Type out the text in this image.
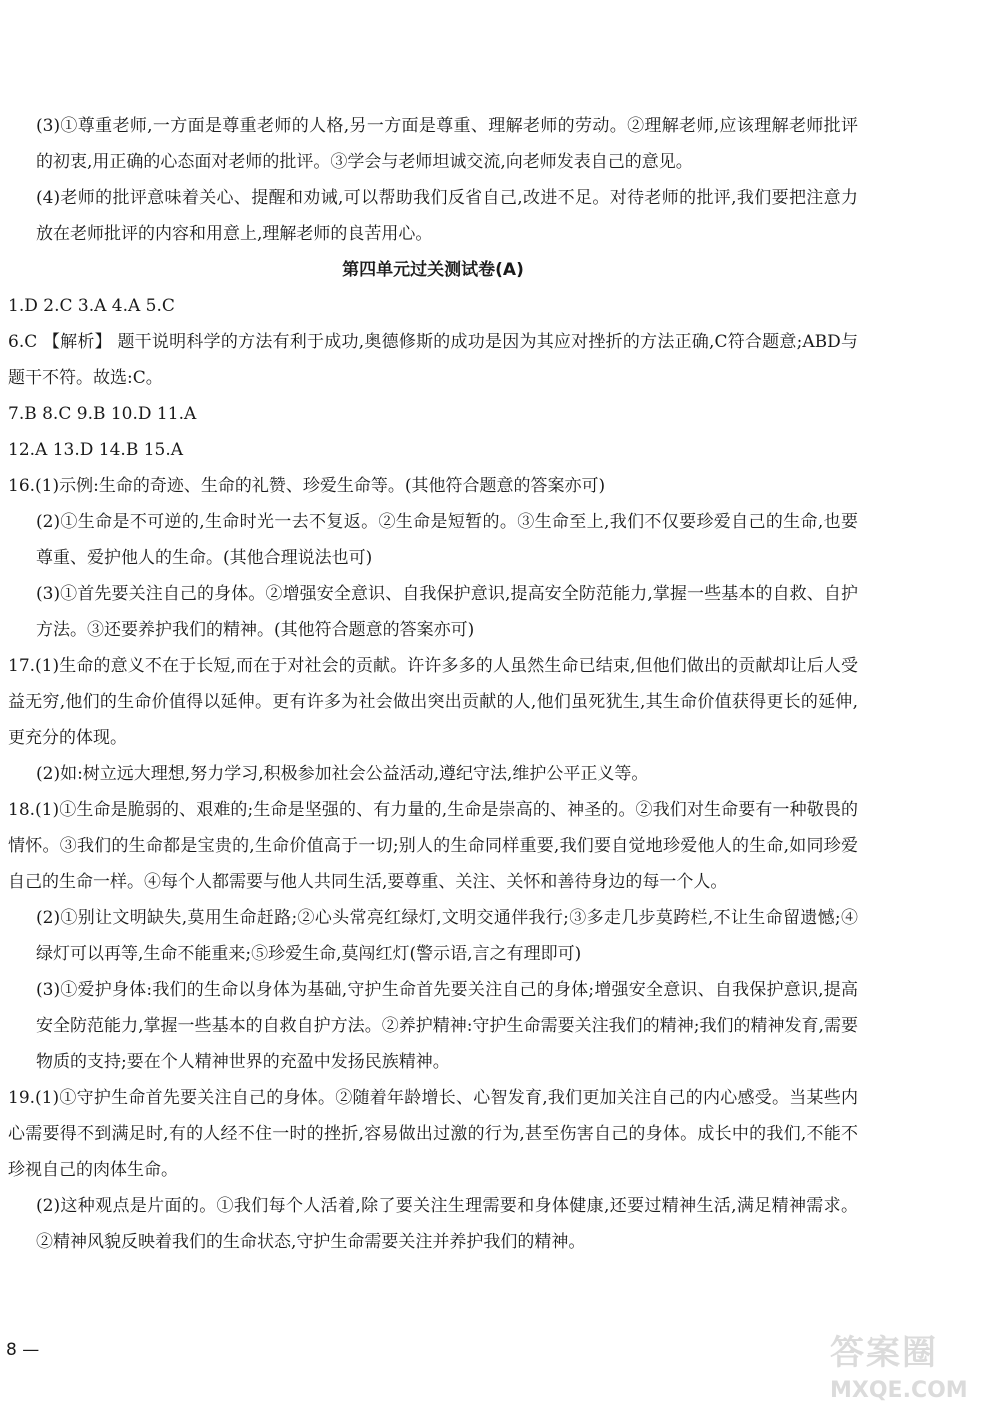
(3)①尊重老师,一方面是尊重老师的人格,另一方面是尊重、理解老师的劳动。②理解老师,应该理解老师批评的初衷,用正确的心态面对老师的批评。③学会与老师坦诚交流,向老师发表自己的意见。

(4)老师的批评意味着关心、提醒和劝诫,可以帮助我们反省自己,改进不足。对待老师的批评,我们要把注意力放在老师批评的内容和用意上,理解老师的良苦用心。

第四单元过关测试卷(A)

1.D 2.C 3.A 4.A 5.C

6.C 【解析】 题干说明科学的方法有利于成功,奥德修斯的成功是因为其应对挫折的方法正确,C符合题意;ABD与题干不符。故选:C。

7.B 8.C 9.B 10.D 11.A

12.A 13.D 14.B 15.A

16.(1)示例:生命的奇迹、生命的礼赞、珍爱生命等。(其他符合题意的答案亦可)

(2)①生命是不可逆的,生命时光一去不复返。②生命是短暂的。③生命至上,我们不仅要珍爱自己的生命,也要尊重、爱护他人的生命。(其他合理说法也可)

(3)①首先要关注自己的身体。②增强安全意识、自我保护意识,提高安全防范能力,掌握一些基本的自救、自护方法。③还要养护我们的精神。(其他符合题意的答案亦可)

17.(1)生命的意义不在于长短,而在于对社会的贡献。许许多多的人虽然生命已结束,但他们做出的贡献却让后人受益无穷,他们的生命价值得以延伸。更有许多为社会做出突出贡献的人,他们虽死犹生,其生命价值获得更长的延伸,更充分的体现。

(2)如:树立远大理想,努力学习,积极参加社会公益活动,遵纪守法,维护公平正义等。

18.(1)①生命是脆弱的、艰难的;生命是坚强的、有力量的,生命是崇高的、神圣的。②我们对生命要有一种敬畏的情怀。③我们的生命都是宝贵的,生命价值高于一切;别人的生命同样重要,我们要自觉地珍爱他人的生命,如同珍爱自己的生命一样。④每个人都需要与他人共同生活,要尊重、关注、关怀和善待身边的每一个人。

(2)①别让文明缺失,莫用生命赶路;②心头常亮红绿灯,文明交通伴我行;③多走几步莫跨栏,不让生命留遗憾;④绿灯可以再等,生命不能重来;⑤珍爱生命,莫闯红灯(警示语,言之有理即可)

(3)①爱护身体:我们的生命以身体为基础,守护生命首先要关注自己的身体;增强安全意识、自我保护意识,提高安全防范能力,掌握一些基本的自救自护方法。②养护精神:守护生命需要关注我们的精神;我们的精神发育,需要物质的支持;要在个人精神世界的充盈中发扬民族精神。

19.(1)①守护生命首先要关注自己的身体。②随着年龄增长、心智发育,我们更加关注自己的内心感受。当某些内心需要得不到满足时,有的人经不住一时的挫折,容易做出过激的行为,甚至伤害自己的身体。成长中的我们,不能不珍视自己的肉体生命。

(2)这种观点是片面的。①我们每个人活着,除了要关注生理需要和身体健康,还要过精神生活,满足精神需求。②精神风貌反映着我们的生命状态,守护生命需要关注并养护我们的精神。

8 —	答案圈
MXQE.COM
